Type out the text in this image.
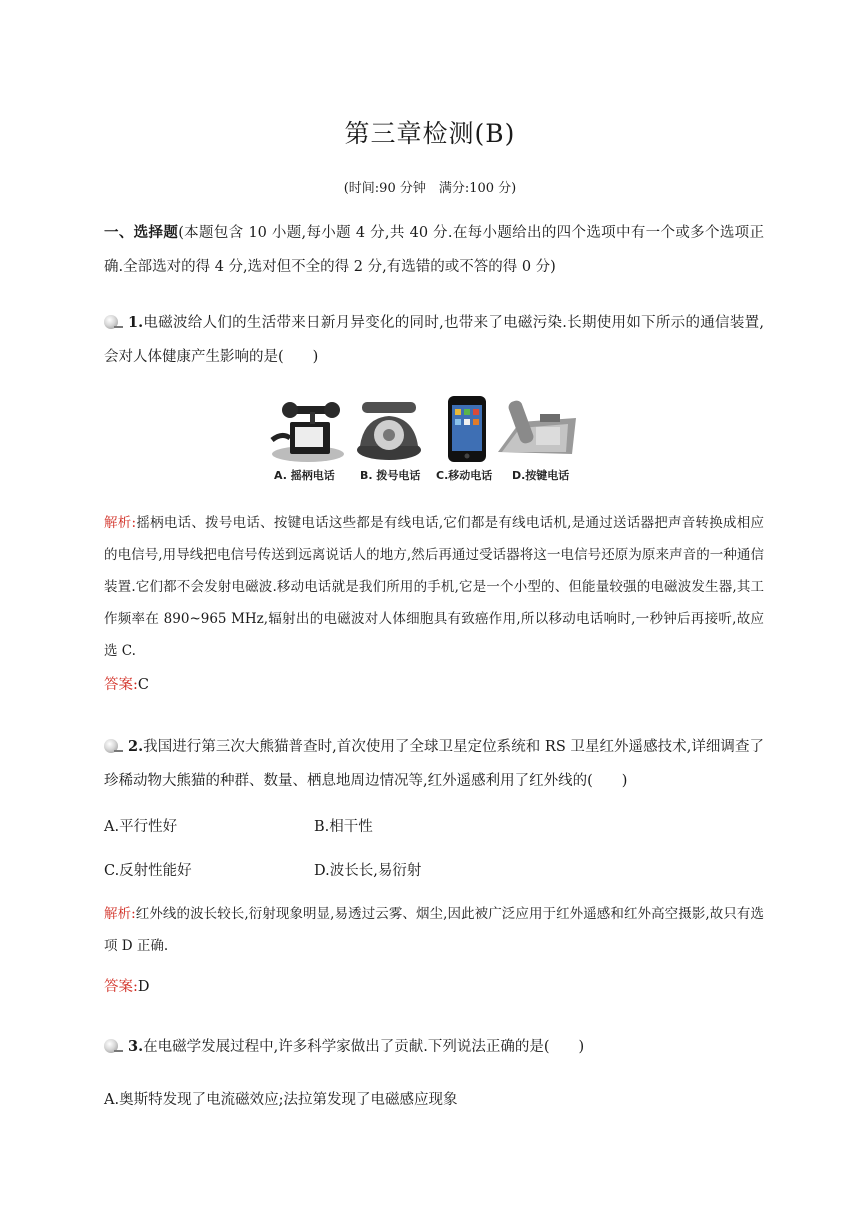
第三章检测(B)
(时间:90 分钟　满分:100 分)
一、选择题(本题包含 10 小题,每小题 4 分,共 40 分.在每小题给出的四个选项中有一个或多个选项正确.全部选对的得 4 分,选对但不全的得 2 分,有选错的或不答的得 0 分)
1.电磁波给人们的生活带来日新月异变化的同时,也带来了电磁污染.长期使用如下所示的通信装置,会对人体健康产生影响的是(　　)
A. 摇柄电话 B. 拨号电话 C.移动电话 D.按键电话
解析:摇柄电话、拨号电话、按键电话这些都是有线电话,它们都是有线电话机,是通过送话器把声音转换成相应的电信号,用导线把电信号传送到远离说话人的地方,然后再通过受话器将这一电信号还原为原来声音的一种通信装置.它们都不会发射电磁波.移动电话就是我们所用的手机,它是一个小型的、但能量较强的电磁波发生器,其工作频率在 890~965 MHz,辐射出的电磁波对人体细胞具有致癌作用,所以移动电话响时,一秒钟后再接听,故应选 C.
答案:C
2.我国进行第三次大熊猫普查时,首次使用了全球卫星定位系统和 RS 卫星红外遥感技术,详细调查了珍稀动物大熊猫的种群、数量、栖息地周边情况等,红外遥感利用了红外线的(　　)
A.平行性好	B.相干性
C.反射性能好	D.波长长,易衍射
解析:红外线的波长较长,衍射现象明显,易透过云雾、烟尘,因此被广泛应用于红外遥感和红外高空摄影,故只有选项 D 正确.
答案:D
3.在电磁学发展过程中,许多科学家做出了贡献.下列说法正确的是(　　)
A.奥斯特发现了电流磁效应;法拉第发现了电磁感应现象
